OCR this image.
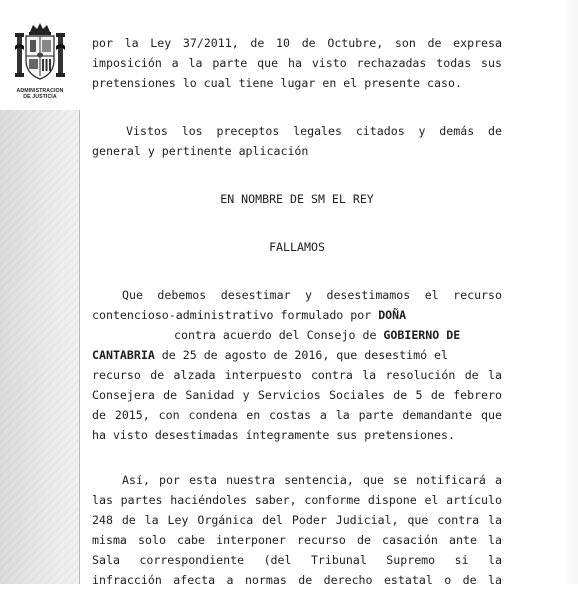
ADMINISTRACION
DE JUSTICIA

por la Ley 37/2011, de 10 de Octubre, son de expresa
imposición a la parte que ha visto rechazadas todas sus
pretensiones lo cual tiene lugar en el presente caso.

Vistos los preceptos legales citados y demás de
general y pertinente aplicación

EN NOMBRE DE SM EL REY

FALLAMOS

Que debemos desestimar y desestimamos el recurso
contencioso-administrativo formulado por DOÑA
contra acuerdo del Consejo de GOBIERNO DE
CANTABRIA de 25 de agosto de 2016, que desestimó el
recurso de alzada interpuesto contra la resolución de la
Consejera de Sanidad y Servicios Sociales de 5 de febrero
de 2015, con condena en costas a la parte demandante que
ha visto desestimadas íntegramente sus pretensiones.

Así, por esta nuestra sentencia, que se notificará a
las partes haciéndoles saber, conforme dispone el artículo
248 de la Ley Orgánica del Poder Judicial, que contra la
misma solo cabe interponer recurso de casación ante la
Sala correspondiente (del Tribunal Supremo si la
infracción afecta a normas de derecho estatal o de la
